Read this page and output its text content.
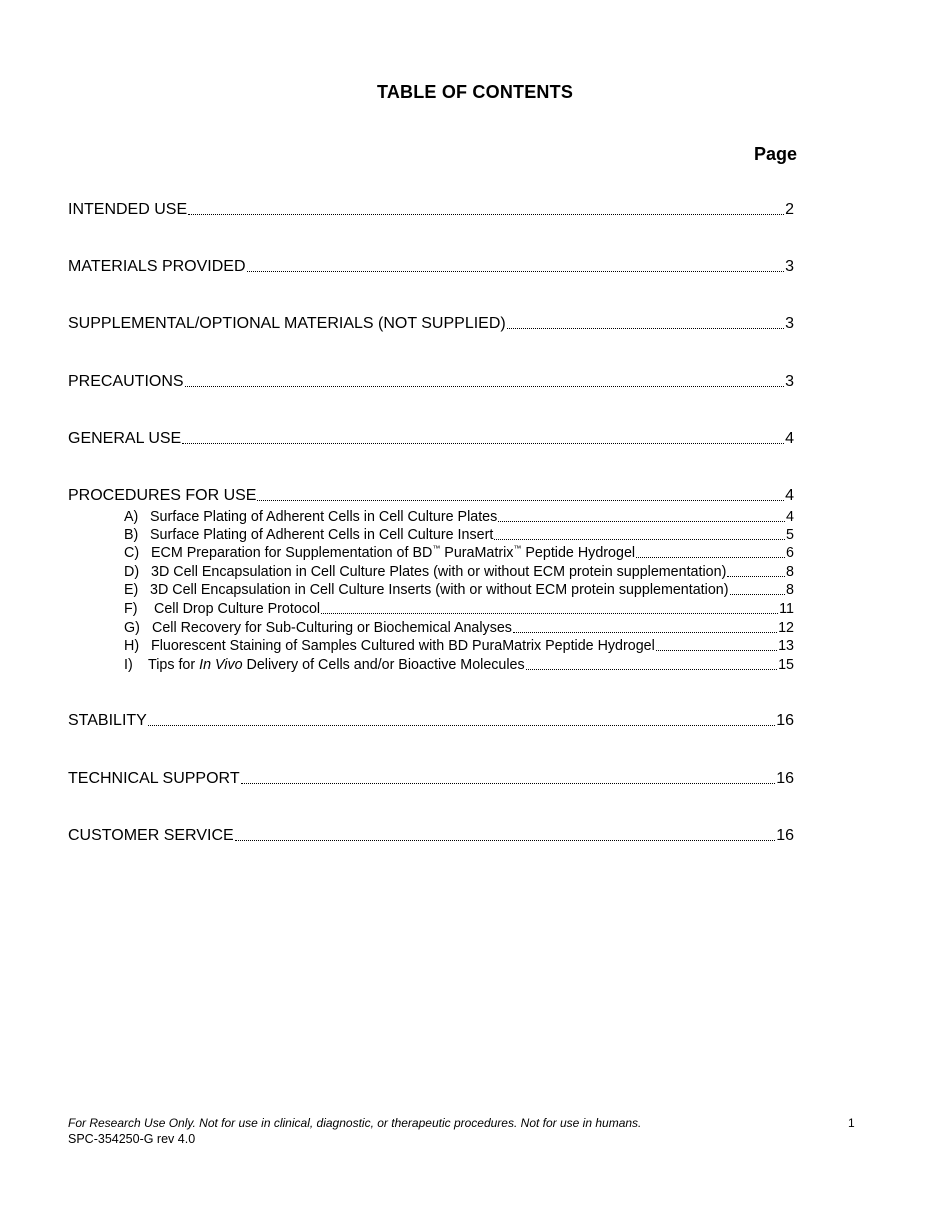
TABLE OF CONTENTS
Page
INTENDED USE	2
MATERIALS PROVIDED	3
SUPPLEMENTAL/OPTIONAL MATERIALS (NOT SUPPLIED)	3
PRECAUTIONS	3
GENERAL USE	4
PROCEDURES FOR USE	4
A) Surface Plating of Adherent Cells in Cell Culture Plates	4
B) Surface Plating of Adherent Cells in Cell Culture Insert	5
C) ECM Preparation for Supplementation of BD™ PuraMatrix™ Peptide Hydrogel	6
D) 3D Cell Encapsulation in Cell Culture Plates (with or without ECM protein supplementation)	8
E) 3D Cell Encapsulation in Cell Culture Inserts (with or without ECM protein supplementation)	8
F) Cell Drop Culture Protocol	11
G) Cell Recovery for Sub-Culturing or Biochemical Analyses	12
H) Fluorescent Staining of Samples Cultured with BD PuraMatrix Peptide Hydrogel	13
I) Tips for In Vivo Delivery of Cells and/or Bioactive Molecules	15
STABILITY	16
TECHNICAL SUPPORT	16
CUSTOMER SERVICE	16
For Research Use Only. Not for use in clinical, diagnostic, or therapeutic procedures. Not for use in humans.	1
SPC-354250-G rev 4.0
